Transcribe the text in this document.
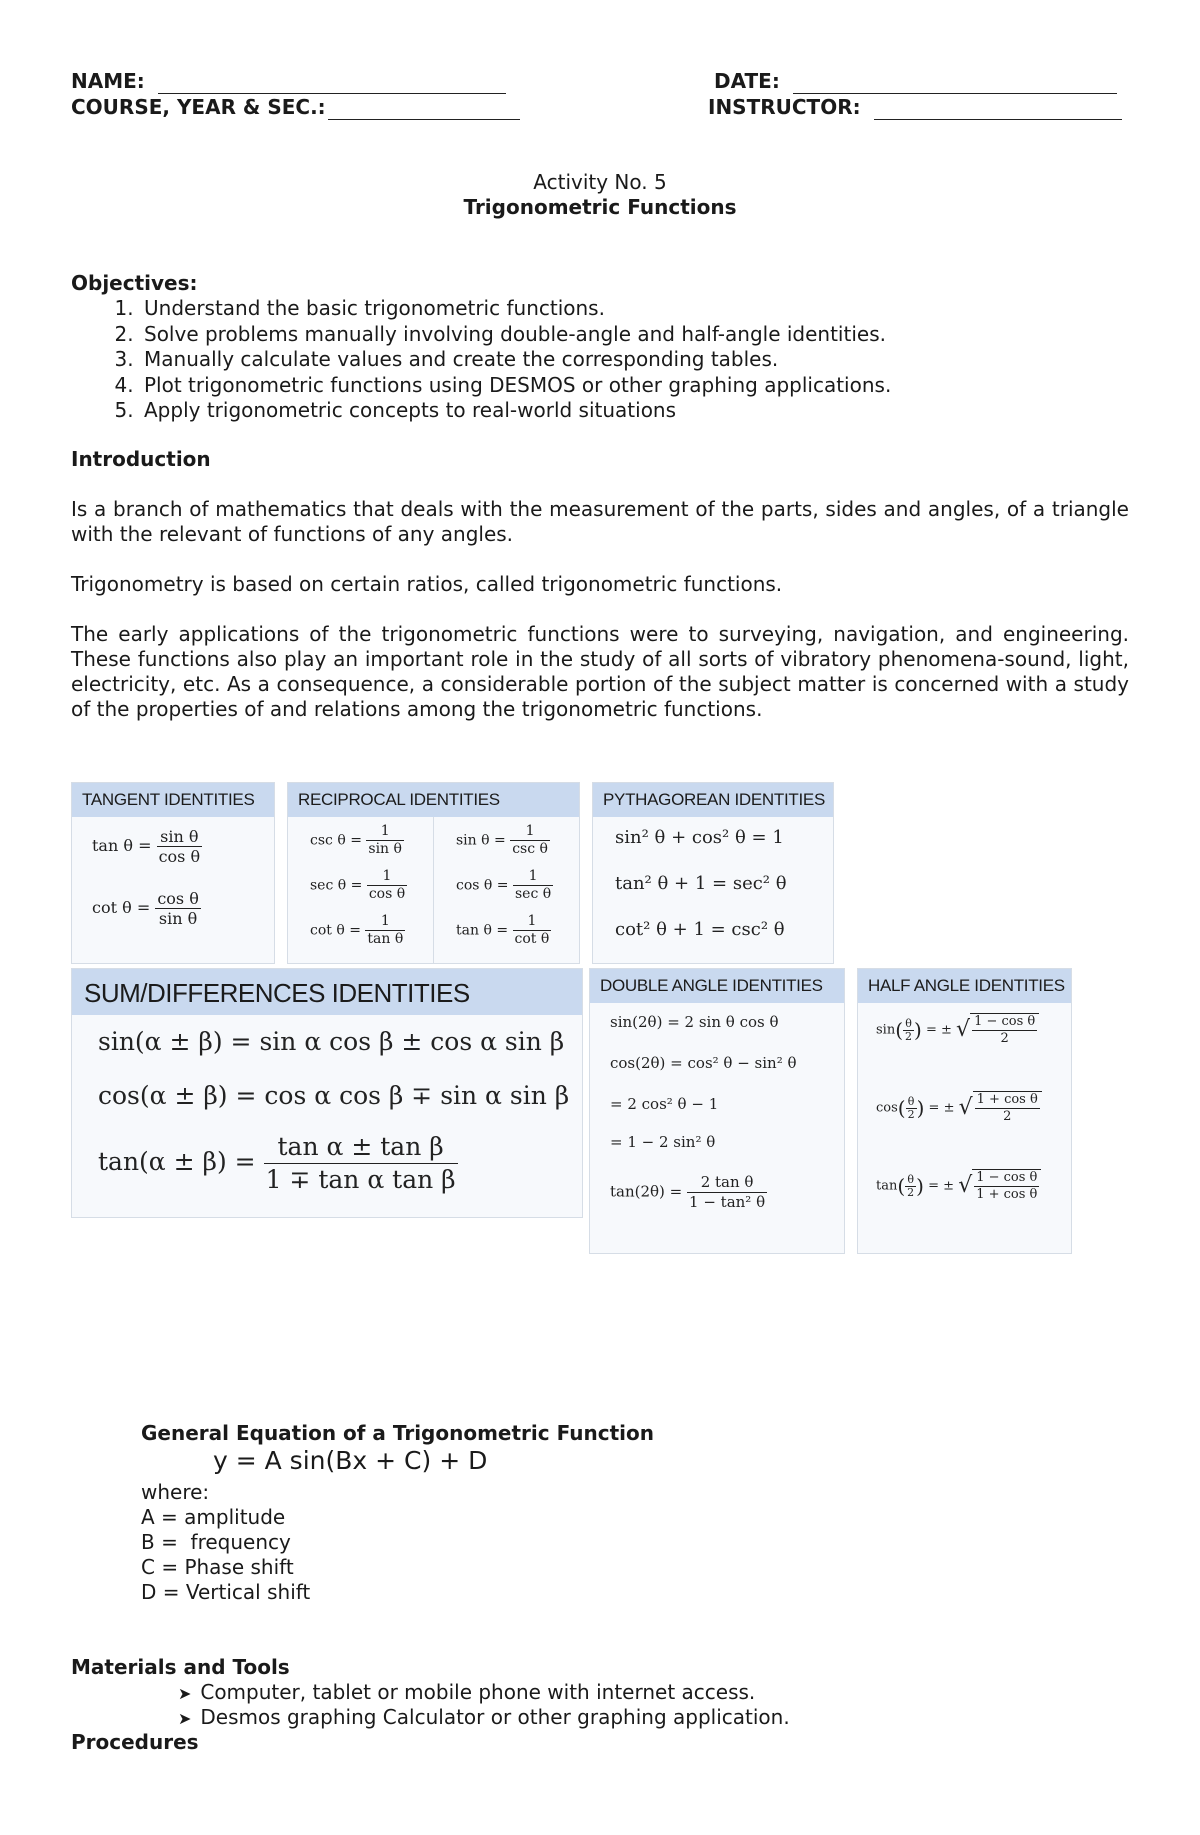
NAME:	DATE:
COURSE, YEAR & SEC.:	INSTRUCTOR:
Activity No. 5
Trigonometric Functions
Objectives:
1. Understand the basic trigonometric functions.
2. Solve problems manually involving double-angle and half-angle identities.
3. Manually calculate values and create the corresponding tables.
4. Plot trigonometric functions using DESMOS or other graphing applications.
5. Apply trigonometric concepts to real-world situations
Introduction
Is a branch of mathematics that deals with the measurement of the parts, sides and angles, of a triangle with the relevant of functions of any angles.
Trigonometry is based on certain ratios, called trigonometric functions.
The early applications of the trigonometric functions were to surveying, navigation, and engineering. These functions also play an important role in the study of all sorts of vibratory phenomena-sound, light, electricity, etc. As a consequence, a considerable portion of the subject matter is concerned with a study of the properties of and relations among the trigonometric functions.
TANGENT IDENTITIES
$\tan \theta = \frac{\text{sin θ}}{\text{cos θ}}$
$\cot \theta = \frac{\text{cos θ}}{\text{sin θ}}$
RECIPROCAL IDENTITIES
$\csc \theta = \frac{1}{\text{sin θ}}$
$\sec \theta = \frac{1}{\text{cos θ}}$
$\cot \theta = \frac{1}{\text{tan θ}}$
$\sin \theta = \frac{1}{\text{csc θ}}$
$\cos \theta = \frac{1}{\text{sec θ}}$
$\tan \theta = \frac{1}{\text{cot θ}}$
PYTHAGOREAN IDENTITIES
sin² θ + cos² θ = 1
tan² θ + 1 = sec² θ
cot² θ + 1 = csc² θ
SUM/DIFFERENCES IDENTITIES
sin(α ± β) = sin α cos β ± cos α sin β
cos(α ± β) = cos α cos β ∓ sin α sin β
$\tan(\alpha \pm \beta) = \frac{\text{tan α ± tan β}}{\text{1 ∓ tan α tan β}}$
DOUBLE ANGLE IDENTITIES
sin(2θ) = 2 sin θ cos θ
cos(2θ) = cos² θ − sin² θ
= 2 cos² θ − 1
= 1 − 2 sin² θ
$\tan(2\theta) = \frac{\text{2 tan θ}}{\text{1 − tan² θ}}$
HALF ANGLE IDENTITIES
$\sin( \frac{\theta}{2}$ ) = ± √ $\frac{\text{1 − cos θ}}{2}$
$\cos( \frac{\theta}{2}$ ) = ± √ $\frac{\text{1 + cos θ}}{2}$
$\tan( \frac{\theta}{2}$ ) = ± √ $\frac{\text{1 − cos θ}}{\text{1 + cos θ}}$
General Equation of a Trigonometric Function
y = A sin(Bx + C) + D
where:
A = amplitude
B =  frequency
C = Phase shift
D = Vertical shift
Materials and Tools
➤ Computer, tablet or mobile phone with internet access.
➤ Desmos graphing Calculator or other graphing application.
Procedures
